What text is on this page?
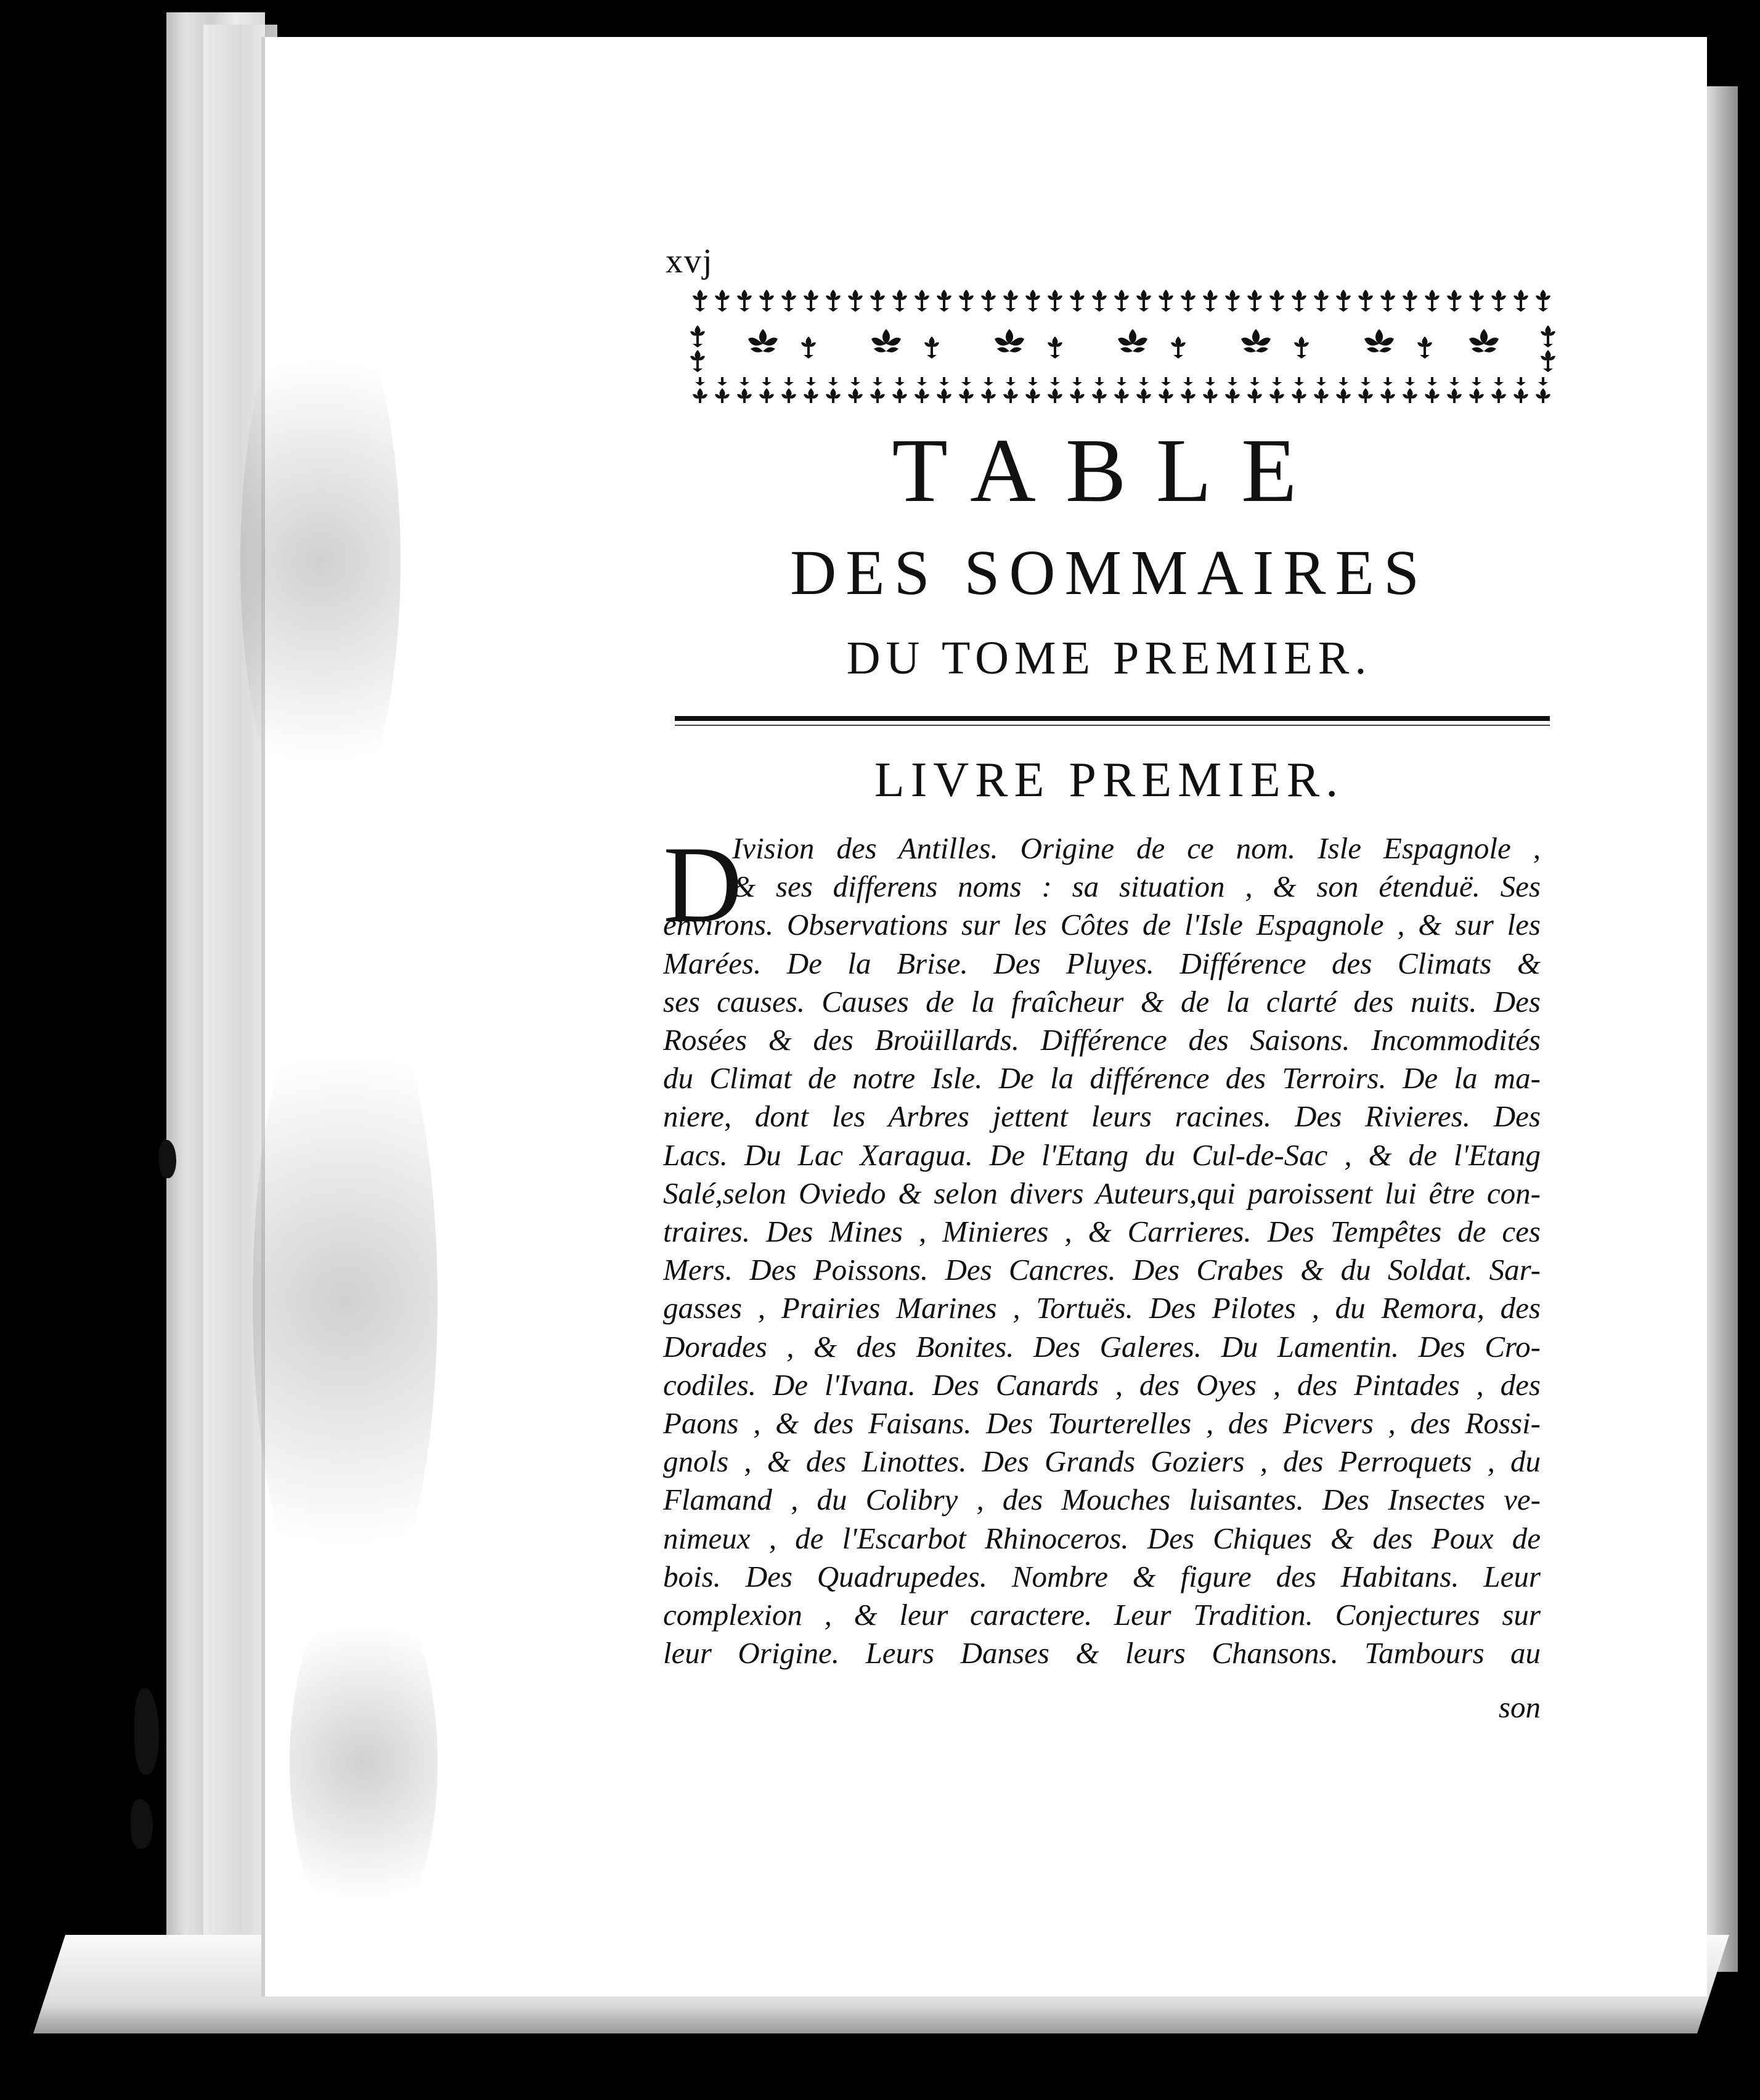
xvj
TABLE
DES SOMMAIRES
DU TOME PREMIER.
LIVRE PREMIER.
D
Ivision des Antilles. Origine de ce nom. Isle Espagnole ,
& ses differens noms : sa situation , & son étenduë. Ses
environs. Observations sur les Côtes de l'Isle Espagnole , & sur les
Marées. De la Brise. Des Pluyes. Différence des Climats &
ses causes. Causes de la fraîcheur & de la clarté des nuits. Des
Rosées & des Broüillards. Différence des Saisons. Incommodités
du Climat de notre Isle. De la différence des Terroirs. De la ma-
niere, dont les Arbres jettent leurs racines. Des Rivieres. Des
Lacs. Du Lac Xaragua. De l'Etang du Cul-de-Sac , & de l'Etang
Salé,selon Oviedo & selon divers Auteurs,qui paroissent lui être con-
traires. Des Mines , Minieres , & Carrieres. Des Tempêtes de ces
Mers. Des Poissons. Des Cancres. Des Crabes & du Soldat. Sar-
gasses , Prairies Marines , Tortuës. Des Pilotes , du Remora, des
Dorades , & des Bonites. Des Galeres. Du Lamentin. Des Cro-
codiles. De l'Ivana. Des Canards , des Oyes , des Pintades , des
Paons , & des Faisans. Des Tourterelles , des Picvers , des Rossi-
gnols , & des Linottes. Des Grands Goziers , des Perroquets , du
Flamand , du Colibry , des Mouches luisantes. Des Insectes ve-
nimeux , de l'Escarbot Rhinoceros. Des Chiques & des Poux de
bois. Des Quadrupedes. Nombre & figure des Habitans. Leur
complexion , & leur caractere. Leur Tradition. Conjectures sur
leur Origine. Leurs Danses & leurs Chansons. Tambours au
son
